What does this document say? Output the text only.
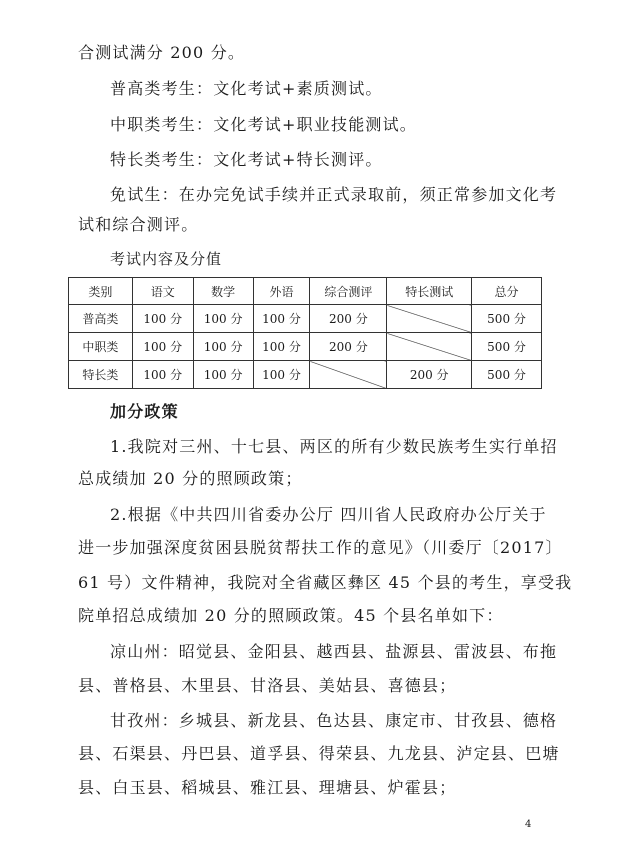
合测试满分 200 分。
普高类考生：文化考试+素质测试。
中职类考生：文化考试+职业技能测试。
特长类考生：文化考试+特长测评。
免试生：在办完免试手续并正式录取前，须正常参加文化考
试和综合测评。
考试内容及分值
类别	语文	数学	外语	综合测评	特长测试	总分
普高类	100 分	100 分	100 分	200 分		500 分
中职类	100 分	100 分	100 分	200 分		500 分
特长类	100 分	100 分	100 分		200 分	500 分
加分政策
1.我院对三州、十七县、两区的所有少数民族考生实行单招
总成绩加 20 分的照顾政策；
2.根据《中共四川省委办公厅 四川省人民政府办公厅关于
进一步加强深度贫困县脱贫帮扶工作的意见》（川委厅〔2017〕
61 号）文件精神，我院对全省藏区彝区 45 个县的考生，享受我
院单招总成绩加 20 分的照顾政策。45 个县名单如下：
凉山州：昭觉县、金阳县、越西县、盐源县、雷波县、布拖
县、普格县、木里县、甘洛县、美姑县、喜德县；
甘孜州：乡城县、新龙县、色达县、康定市、甘孜县、德格
县、石渠县、丹巴县、道孚县、得荣县、九龙县、泸定县、巴塘
县、白玉县、稻城县、雅江县、理塘县、炉霍县；
4
